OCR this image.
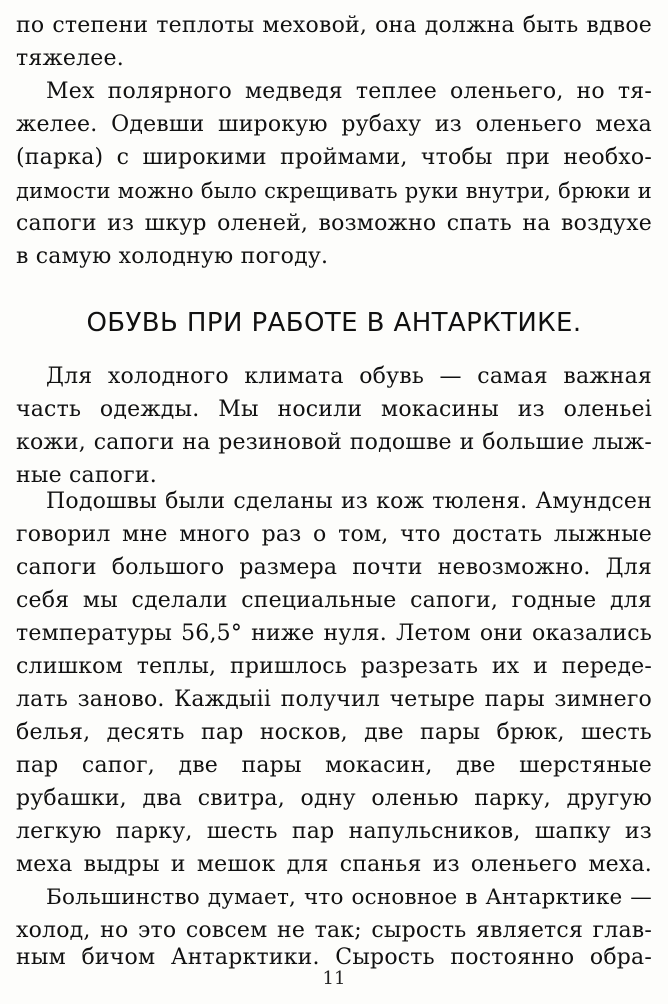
по степени теплоты меховой, она должна быть вдвое
тяжелее.
Мех полярного медведя теплее оленьего, но тя-
желее. Одевши широкую рубаху из оленьего меха
(парка) с широкими проймами, чтобы при необхо-
димости можно было скрещивать руки внутри, брюки и
сапоги из шкур оленей, возможно спать на воздухе
в самую холодную погоду.
ОБУВЬ ПРИ РАБОТЕ В АНТАРКТИКЕ.
Для холодного климата обувь — самая важная
часть одежды. Мы носили мокасины из оленьеі
кожи, сапоги на резиновой подошве и большие лыж-
ные сапоги.
Подошвы были сделаны из кож тюленя. Амундсен
говорил мне много раз о том, что достать лыжные
сапоги большого размера почти невозможно. Для
себя мы сделали специальные сапоги, годные для
температуры 56,5° ниже нуля. Летом они оказались
слишком теплы, пришлось разрезать их и переде-
лать заново. Каждыіі получил четыре пары зимнего
белья, десять пар носков, две пары брюк, шесть
пар сапог, две пары мокасин, две шерстяные
рубашки, два свитра, одну оленью парку, другую
легкую парку, шесть пар напульсников, шапку из
меха выдры и мешок для спанья из оленьего меха.
Большинство думает, что основное в Антарктике —
холод, но это совсем не так; сырость является глав-
ным бичом Антарктики. Сырость постоянно обра-
11
